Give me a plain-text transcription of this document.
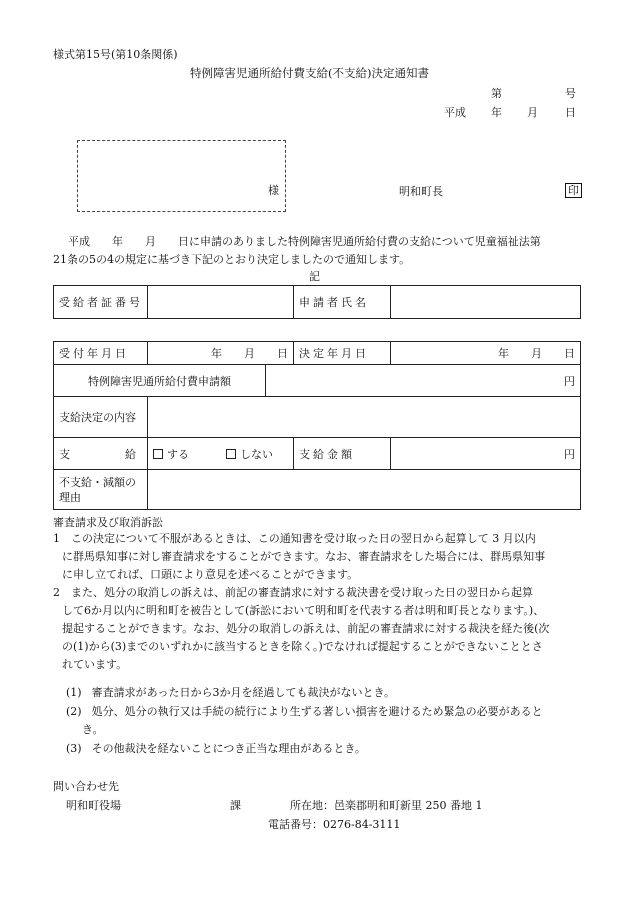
様式第15号(第10条関係)
特例障害児通所給付費支給(不支給)決定通知書
第	号
平成 年 月 日
様	明和町長	印
平成　　年　　月　　日に申請のありました特例障害児通所給付費の支給について児童福祉法第
21条の5の4の規定に基づき下記のとおり決定しましたので通知します。
記
受給者証番号		申請者氏名	
受付年月日	年　　月　　日		決定年月日	年　　月　　日
特例障害児通所給付費申請額		円		
支給決定の内容				
支　　　　　給	する しない		支給金額	円
不支給・減額の
理由				
審査請求及び取消訴訟
1　この決定について不服があるときは、この通知書を受け取った日の翌日から起算して 3 月以内
に群馬県知事に対し審査請求をすることができます。なお、審査請求をした場合には、群馬県知事
に申し立てれば、口頭により意見を述べることができます。
2　また、処分の取消しの訴えは、前記の審査請求に対する裁決書を受け取った日の翌日から起算
して6か月以内に明和町を被告として(訴訟において明和町を代表する者は明和町長となります。)、
提起することができます。なお、処分の取消しの訴えは、前記の審査請求に対する裁決を経た後(次
の(1)から(3)までのいずれかに該当するときを除く。)でなければ提起することができないこととさ
れています。
(1) 審査請求があった日から3か月を経過しても裁決がないとき。
(2) 処分、処分の執行又は手続の続行により生ずる著しい損害を避けるため緊急の必要があると
き。
(3) その他裁決を経ないことにつき正当な理由があるとき。
問い合わせ先
明和町役場	課	所在地：邑楽郡明和町新里 250 番地 1
電話番号：0276-84-3111
